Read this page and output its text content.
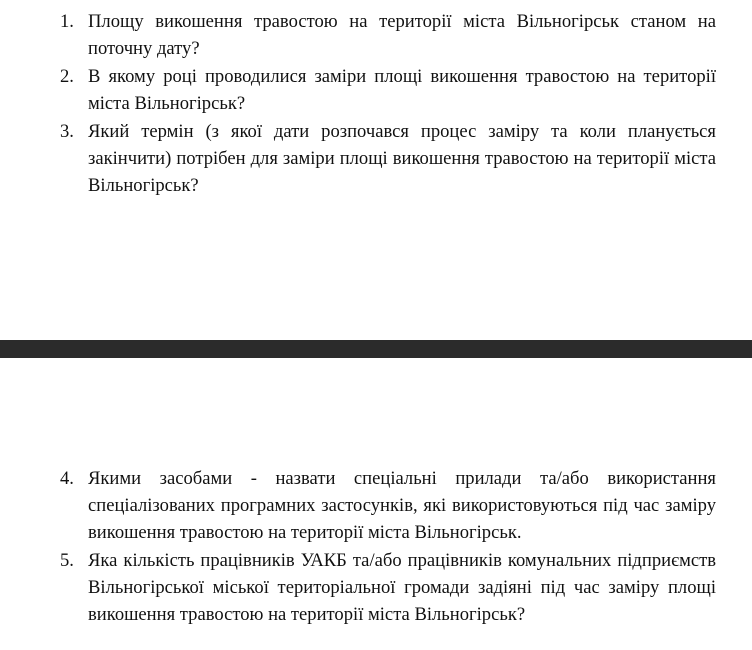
1. Площу викошення травостою на території міста Вільногірськ станом на поточну дату?
2. В якому році проводилися заміри площі викошення травостою на території міста Вільногірськ?
3. Який термін (з якої дати розпочався процес заміру та коли планується закінчити) потрібен для заміри площі викошення травостою на території міста Вільногірськ?
4. Якими засобами - назвати спеціальні прилади та/або використання спеціалізованих програмних застосунків, які використовуються під час заміру викошення травостою на території міста Вільногірськ.
5. Яка кількість працівників УАКБ та/або працівників комунальних підприємств Вільногірської міської територіальної громади задіяні під час заміру площі викошення травостою на території міста Вільногірськ?
